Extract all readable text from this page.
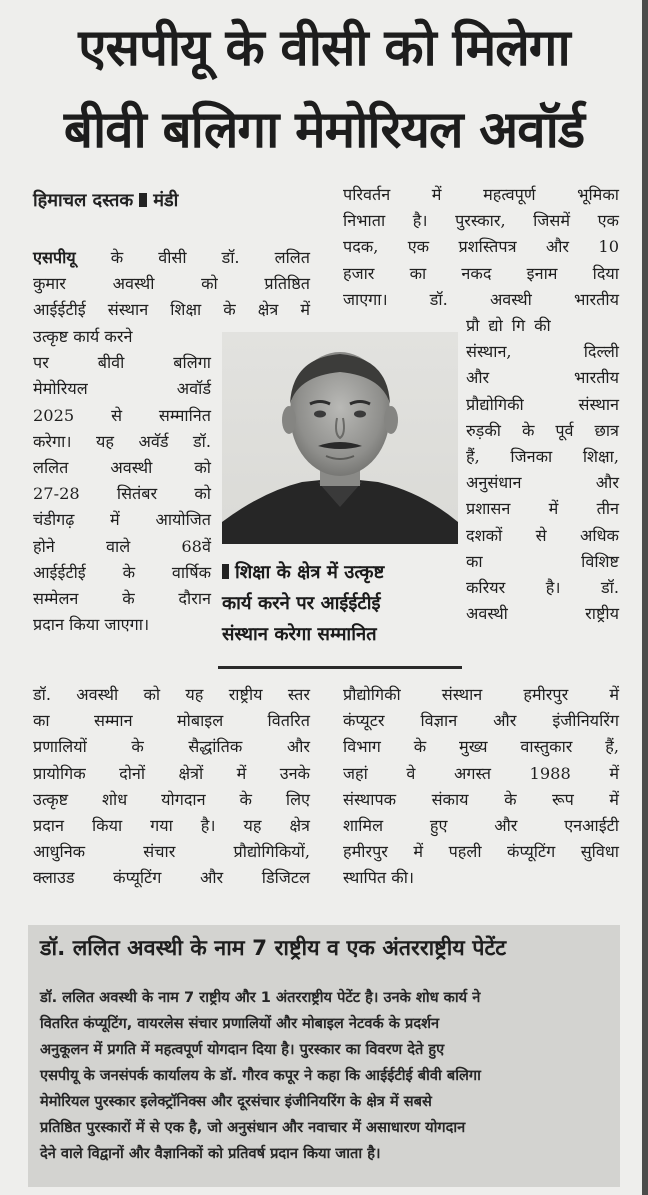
एसपीयू के वीसी को मिलेगा
बीवी बलिगा मेमोरियल अवॉर्ड
हिमाचल दस्तक मंडी
एसपीयू के वीसी डॉ. ललित
कुमार अवस्थी को प्रतिष्ठित
आईईटीई संस्थान शिक्षा के क्षेत्र में
उत्कृष्ट कार्य करने
पर बीवी बलिगा
मेमोरियल अवॉर्ड
2025 से सम्मानित
करेगा। यह अवॅर्ड डॉ.
ललित अवस्थी को
27-28 सितंबर को
चंडीगढ़ में आयोजित
होने वाले 68वें
आईईटीई के वार्षिक
सम्मेलन के दौरान
प्रदान किया जाएगा।
डॉ. अवस्थी को यह राष्ट्रीय स्तर
का सम्मान मोबाइल वितरित
प्रणालियों के सैद्धांतिक और
प्रायोगिक दोनों क्षेत्रों में उनके
उत्कृष्ट शोध योगदान के लिए
प्रदान किया गया है। यह क्षेत्र
आधुनिक संचार प्रौद्योगिकियों,
क्लाउड कंप्यूटिंग और डिजिटल
परिवर्तन में महत्वपूर्ण भूमिका
निभाता है। पुरस्कार, जिसमें एक
पदक, एक प्रशस्तिपत्र और 10
हजार का नकद इनाम दिया
जाएगा। डॉ. अवस्थी भारतीय
प्रौद्योगिकी
संस्थान, दिल्ली
और भारतीय
प्रौद्योगिकी संस्थान
रुड़की के पूर्व छात्र
हैं, जिनका शिक्षा,
अनुसंधान और
प्रशासन में तीन
दशकों से अधिक
का विशिष्ट
करियर है। डॉ.
अवस्थी राष्ट्रीय
प्रौद्योगिकी संस्थान हमीरपुर में
कंप्यूटर विज्ञान और इंजीनियरिंग
विभाग के मुख्य वास्तुकार हैं,
जहां वे अगस्त 1988 में
संस्थापक संकाय के रूप में
शामिल हुए और एनआईटी
हमीरपुर में पहली कंप्यूटिंग सुविधा
स्थापित की।
शिक्षा के क्षेत्र में उत्कृष्ट
कार्य करने पर आईईटीई
संस्थान करेगा सम्मानित
डॉ. ललित अवस्थी के नाम 7 राष्ट्रीय व एक अंतरराष्ट्रीय पेटेंट
डॉ. ललित अवस्थी के नाम 7 राष्ट्रीय और 1 अंतरराष्ट्रीय पेटेंट है। उनके शोध कार्य ने
वितरित कंप्यूटिंग, वायरलेस संचार प्रणालियों और मोबाइल नेटवर्क के प्रदर्शन
अनुकूलन में प्रगति में महत्वपूर्ण योगदान दिया है। पुरस्कार का विवरण देते हुए
एसपीयू के जनसंपर्क कार्यालय के डॉ. गौरव कपूर ने कहा कि आईईटीई बीवी बलिगा
मेमोरियल पुरस्कार इलेक्ट्रॉनिक्स और दूरसंचार इंजीनियरिंग के क्षेत्र में सबसे
प्रतिष्ठित पुरस्कारों में से एक है, जो अनुसंधान और नवाचार में असाधारण योगदान
देने वाले विद्वानों और वैज्ञानिकों को प्रतिवर्ष प्रदान किया जाता है।
